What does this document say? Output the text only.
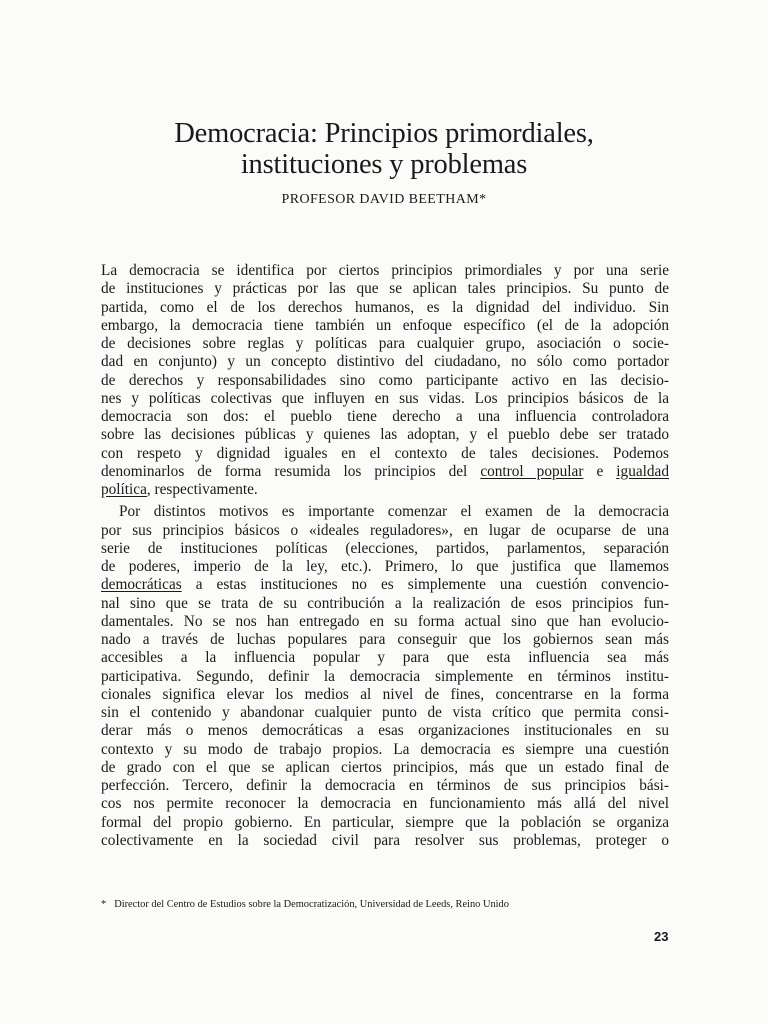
Democracia: Principios primordiales,
instituciones y problemas
PROFESOR DAVID BEETHAM*
La democracia se identifica por ciertos principios primordiales y por una serie
de instituciones y prácticas por las que se aplican tales principios. Su punto de
partida, como el de los derechos humanos, es la dignidad del individuo. Sin
embargo, la democracia tiene también un enfoque específico (el de la adopción
de decisiones sobre reglas y políticas para cualquier grupo, asociación o socie-
dad en conjunto) y un concepto distintivo del ciudadano, no sólo como portador
de derechos y responsabilidades sino como participante activo en las decisio-
nes y políticas colectivas que influyen en sus vidas. Los principios básicos de la
democracia son dos: el pueblo tiene derecho a una influencia controladora
sobre las decisiones públicas y quienes las adoptan, y el pueblo debe ser tratado
con respeto y dignidad iguales en el contexto de tales decisiones. Podemos
denominarlos de forma resumida los principios del control popular e igualdad
política, respectivamente.
Por distintos motivos es importante comenzar el examen de la democracia
por sus principios básicos o «ideales reguladores», en lugar de ocuparse de una
serie de instituciones políticas (elecciones, partidos, parlamentos, separación
de poderes, imperio de la ley, etc.). Primero, lo que justifica que llamemos
democráticas a estas instituciones no es simplemente una cuestión convencio-
nal sino que se trata de su contribución a la realización de esos principios fun-
damentales. No se nos han entregado en su forma actual sino que han evolucio-
nado a través de luchas populares para conseguir que los gobiernos sean más
accesibles a la influencia popular y para que esta influencia sea más
participativa. Segundo, definir la democracia simplemente en términos institu-
cionales significa elevar los medios al nivel de fines, concentrarse en la forma
sin el contenido y abandonar cualquier punto de vista crítico que permita consi-
derar más o menos democráticas a esas organizaciones institucionales en su
contexto y su modo de trabajo propios. La democracia es siempre una cuestión
de grado con el que se aplican ciertos principios, más que un estado final de
perfección. Tercero, definir la democracia en términos de sus principios bási-
cos nos permite reconocer la democracia en funcionamiento más allá del nivel
formal del propio gobierno. En particular, siempre que la población se organiza
colectivamente en la sociedad civil para resolver sus problemas, proteger o
* Director del Centro de Estudios sobre la Democratización, Universidad de Leeds, Reino Unido
23
